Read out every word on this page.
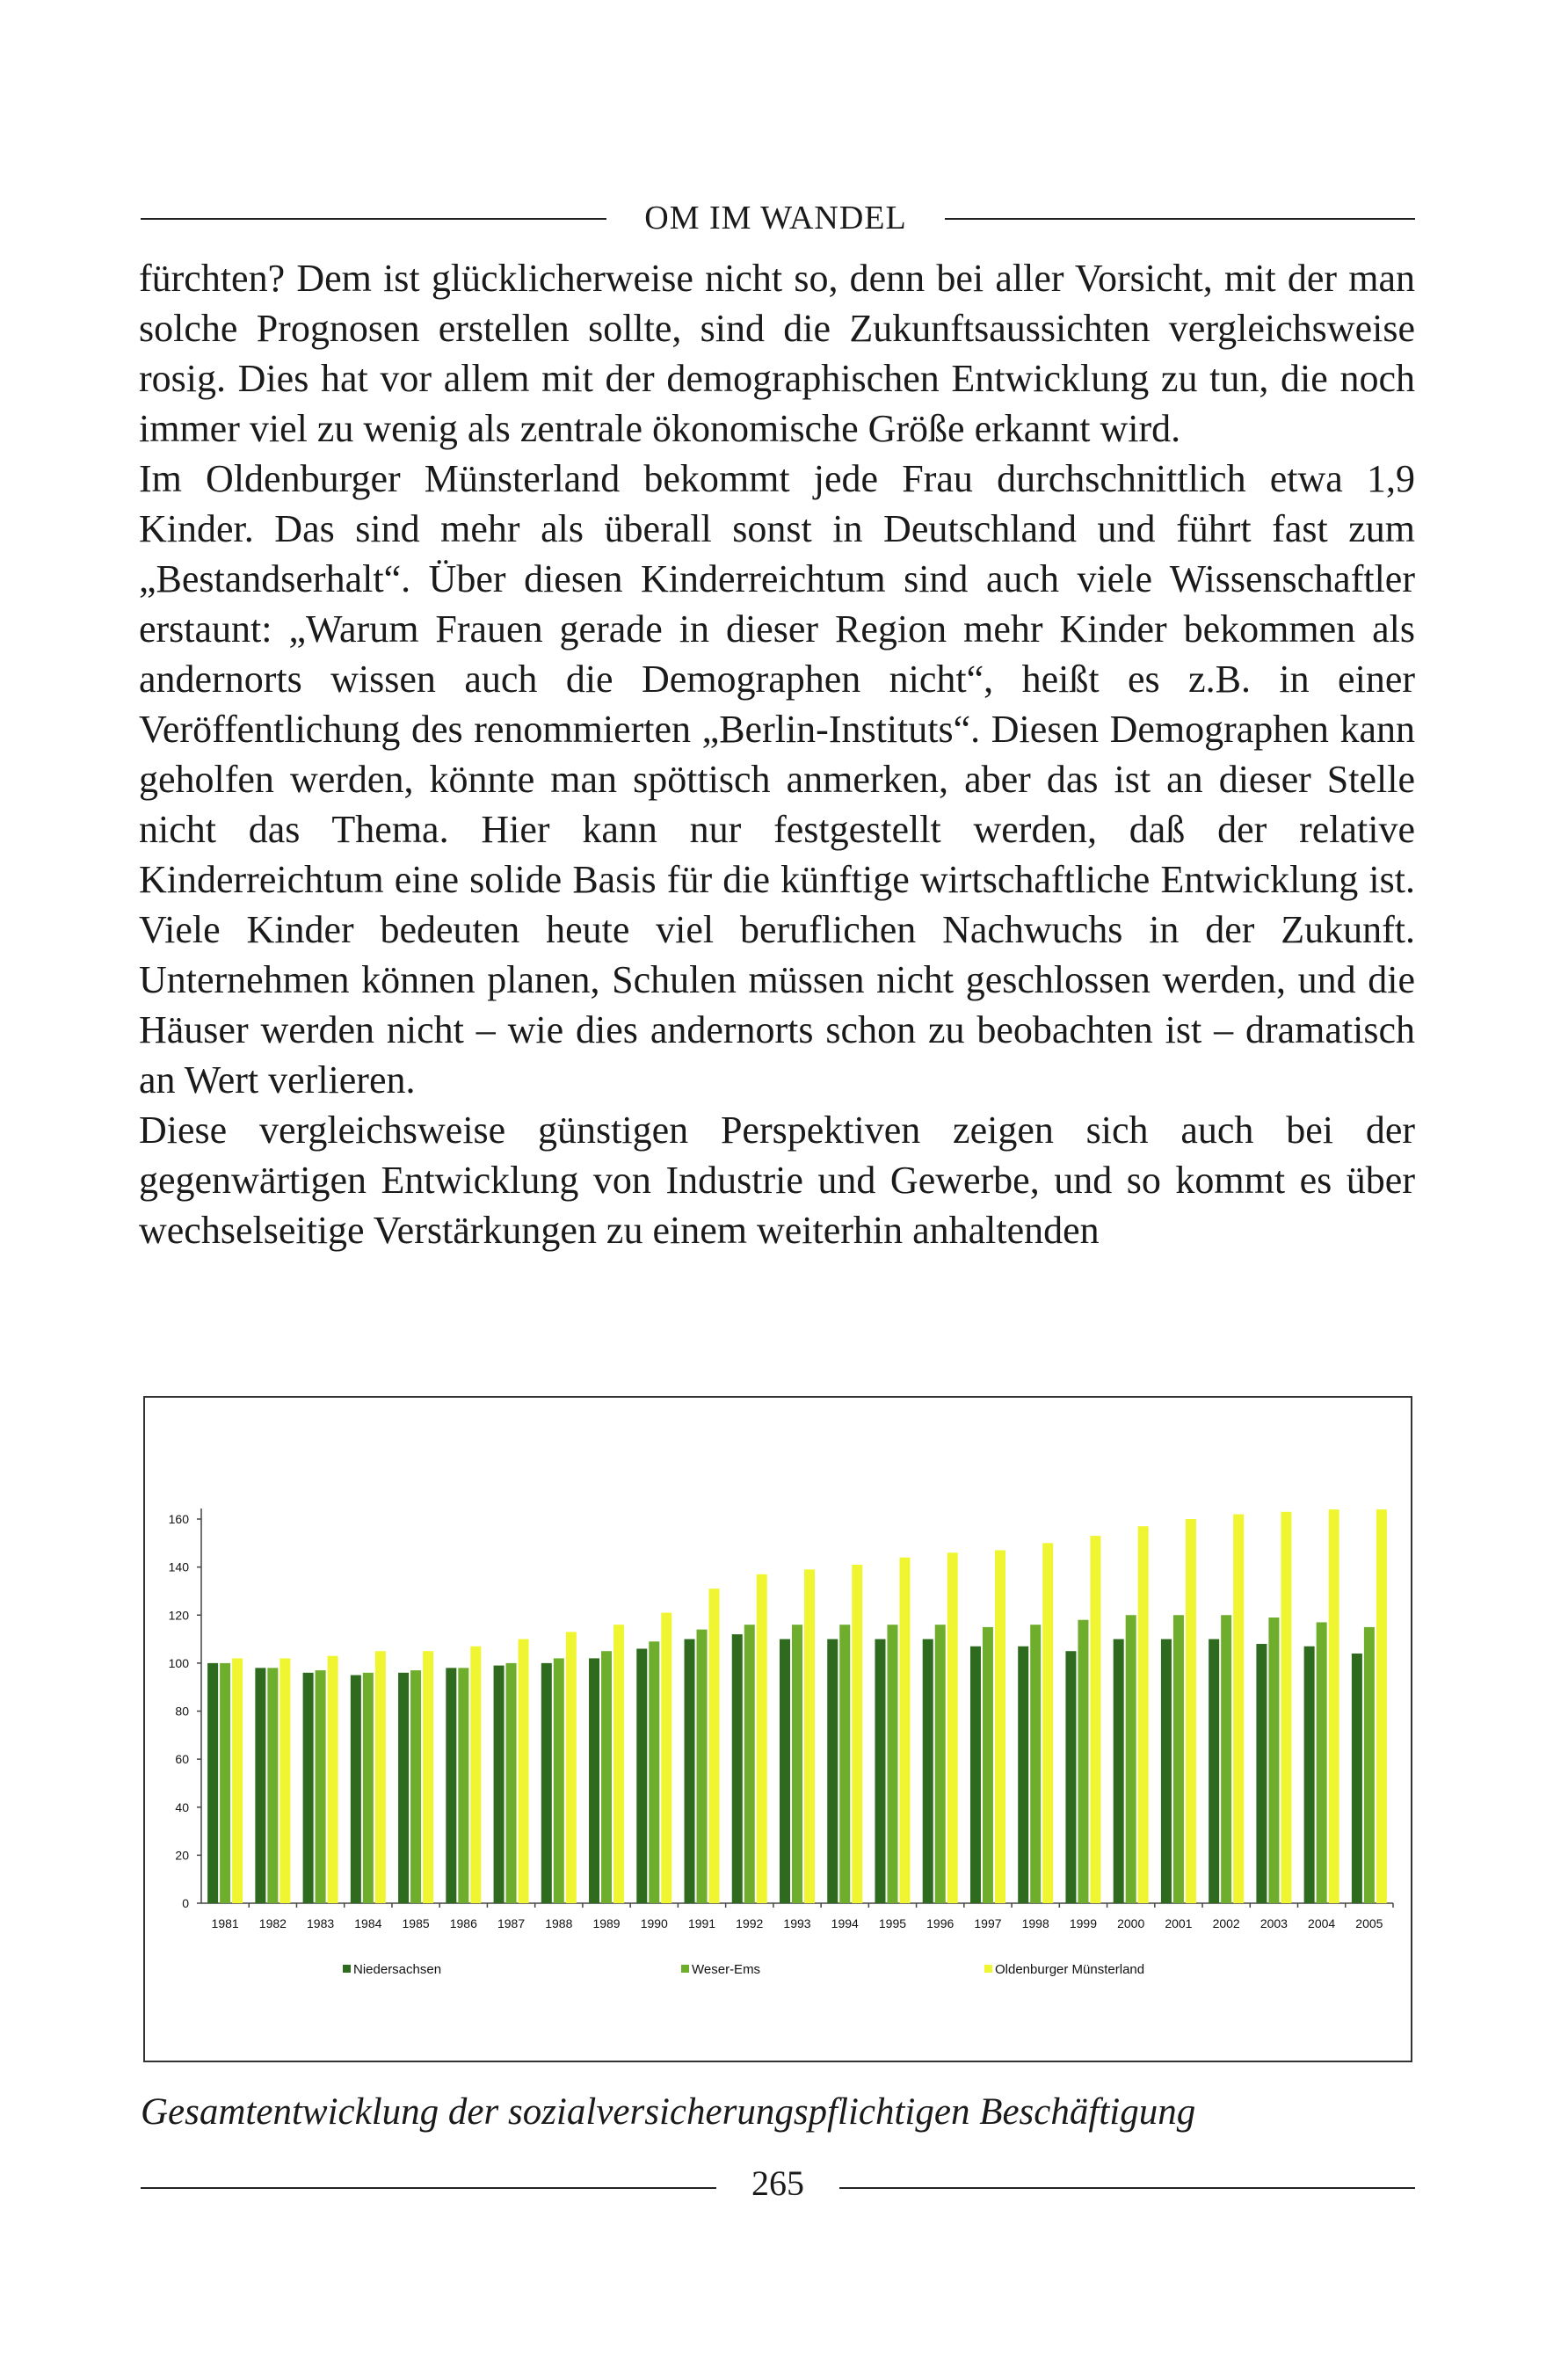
OM IM WANDEL

fürchten? Dem ist glücklicherweise nicht so, denn bei aller Vorsicht, mit der man solche Prognosen erstellen sollte, sind die Zukunftsaussichten vergleichsweise rosig. Dies hat vor allem mit der demographischen Entwicklung zu tun, die noch immer viel zu wenig als zentrale ökonomische Größe erkannt wird.

Im Oldenburger Münsterland bekommt jede Frau durchschnittlich etwa 1,9 Kinder. Das sind mehr als überall sonst in Deutschland und führt fast zum „Bestandserhalt“. Über diesen Kinderreichtum sind auch viele Wissenschaftler erstaunt: „Warum Frauen gerade in dieser Region mehr Kinder bekommen als andernorts wissen auch die Demographen nicht“, heißt es z.B. in einer Veröffentlichung des renommierten „Berlin-Instituts“. Diesen Demographen kann geholfen werden, könnte man spöttisch anmerken, aber das ist an dieser Stelle nicht das Thema. Hier kann nur festgestellt werden, daß der relative Kinderreichtum eine solide Basis für die künftige wirtschaftliche Entwicklung ist. Viele Kinder bedeuten heute viel beruflichen Nachwuchs in der Zukunft. Unternehmen können planen, Schulen müssen nicht geschlossen werden, und die Häuser werden nicht – wie dies andernorts schon zu beobachten ist – dramatisch an Wert verlieren.

Diese vergleichsweise günstigen Perspektiven zeigen sich auch bei der gegenwärtigen Entwicklung von Industrie und Gewerbe, und so kommt es über wechselseitige Verstärkungen zu einem weiterhin anhaltenden

0
20
40
60
80
100
120
140
160
1981 1982 1983 1984 1985 1986 1987 1988 1989 1990 1991 1992 1993 1994 1995 1996 1997 1998 1999 2000 2001 2002 2003 2004 2005
Niedersachsen	Weser-Ems	Oldenburger Münsterland
Gesamtentwicklung der sozialversicherungspflichtigen Beschäftigung
265
